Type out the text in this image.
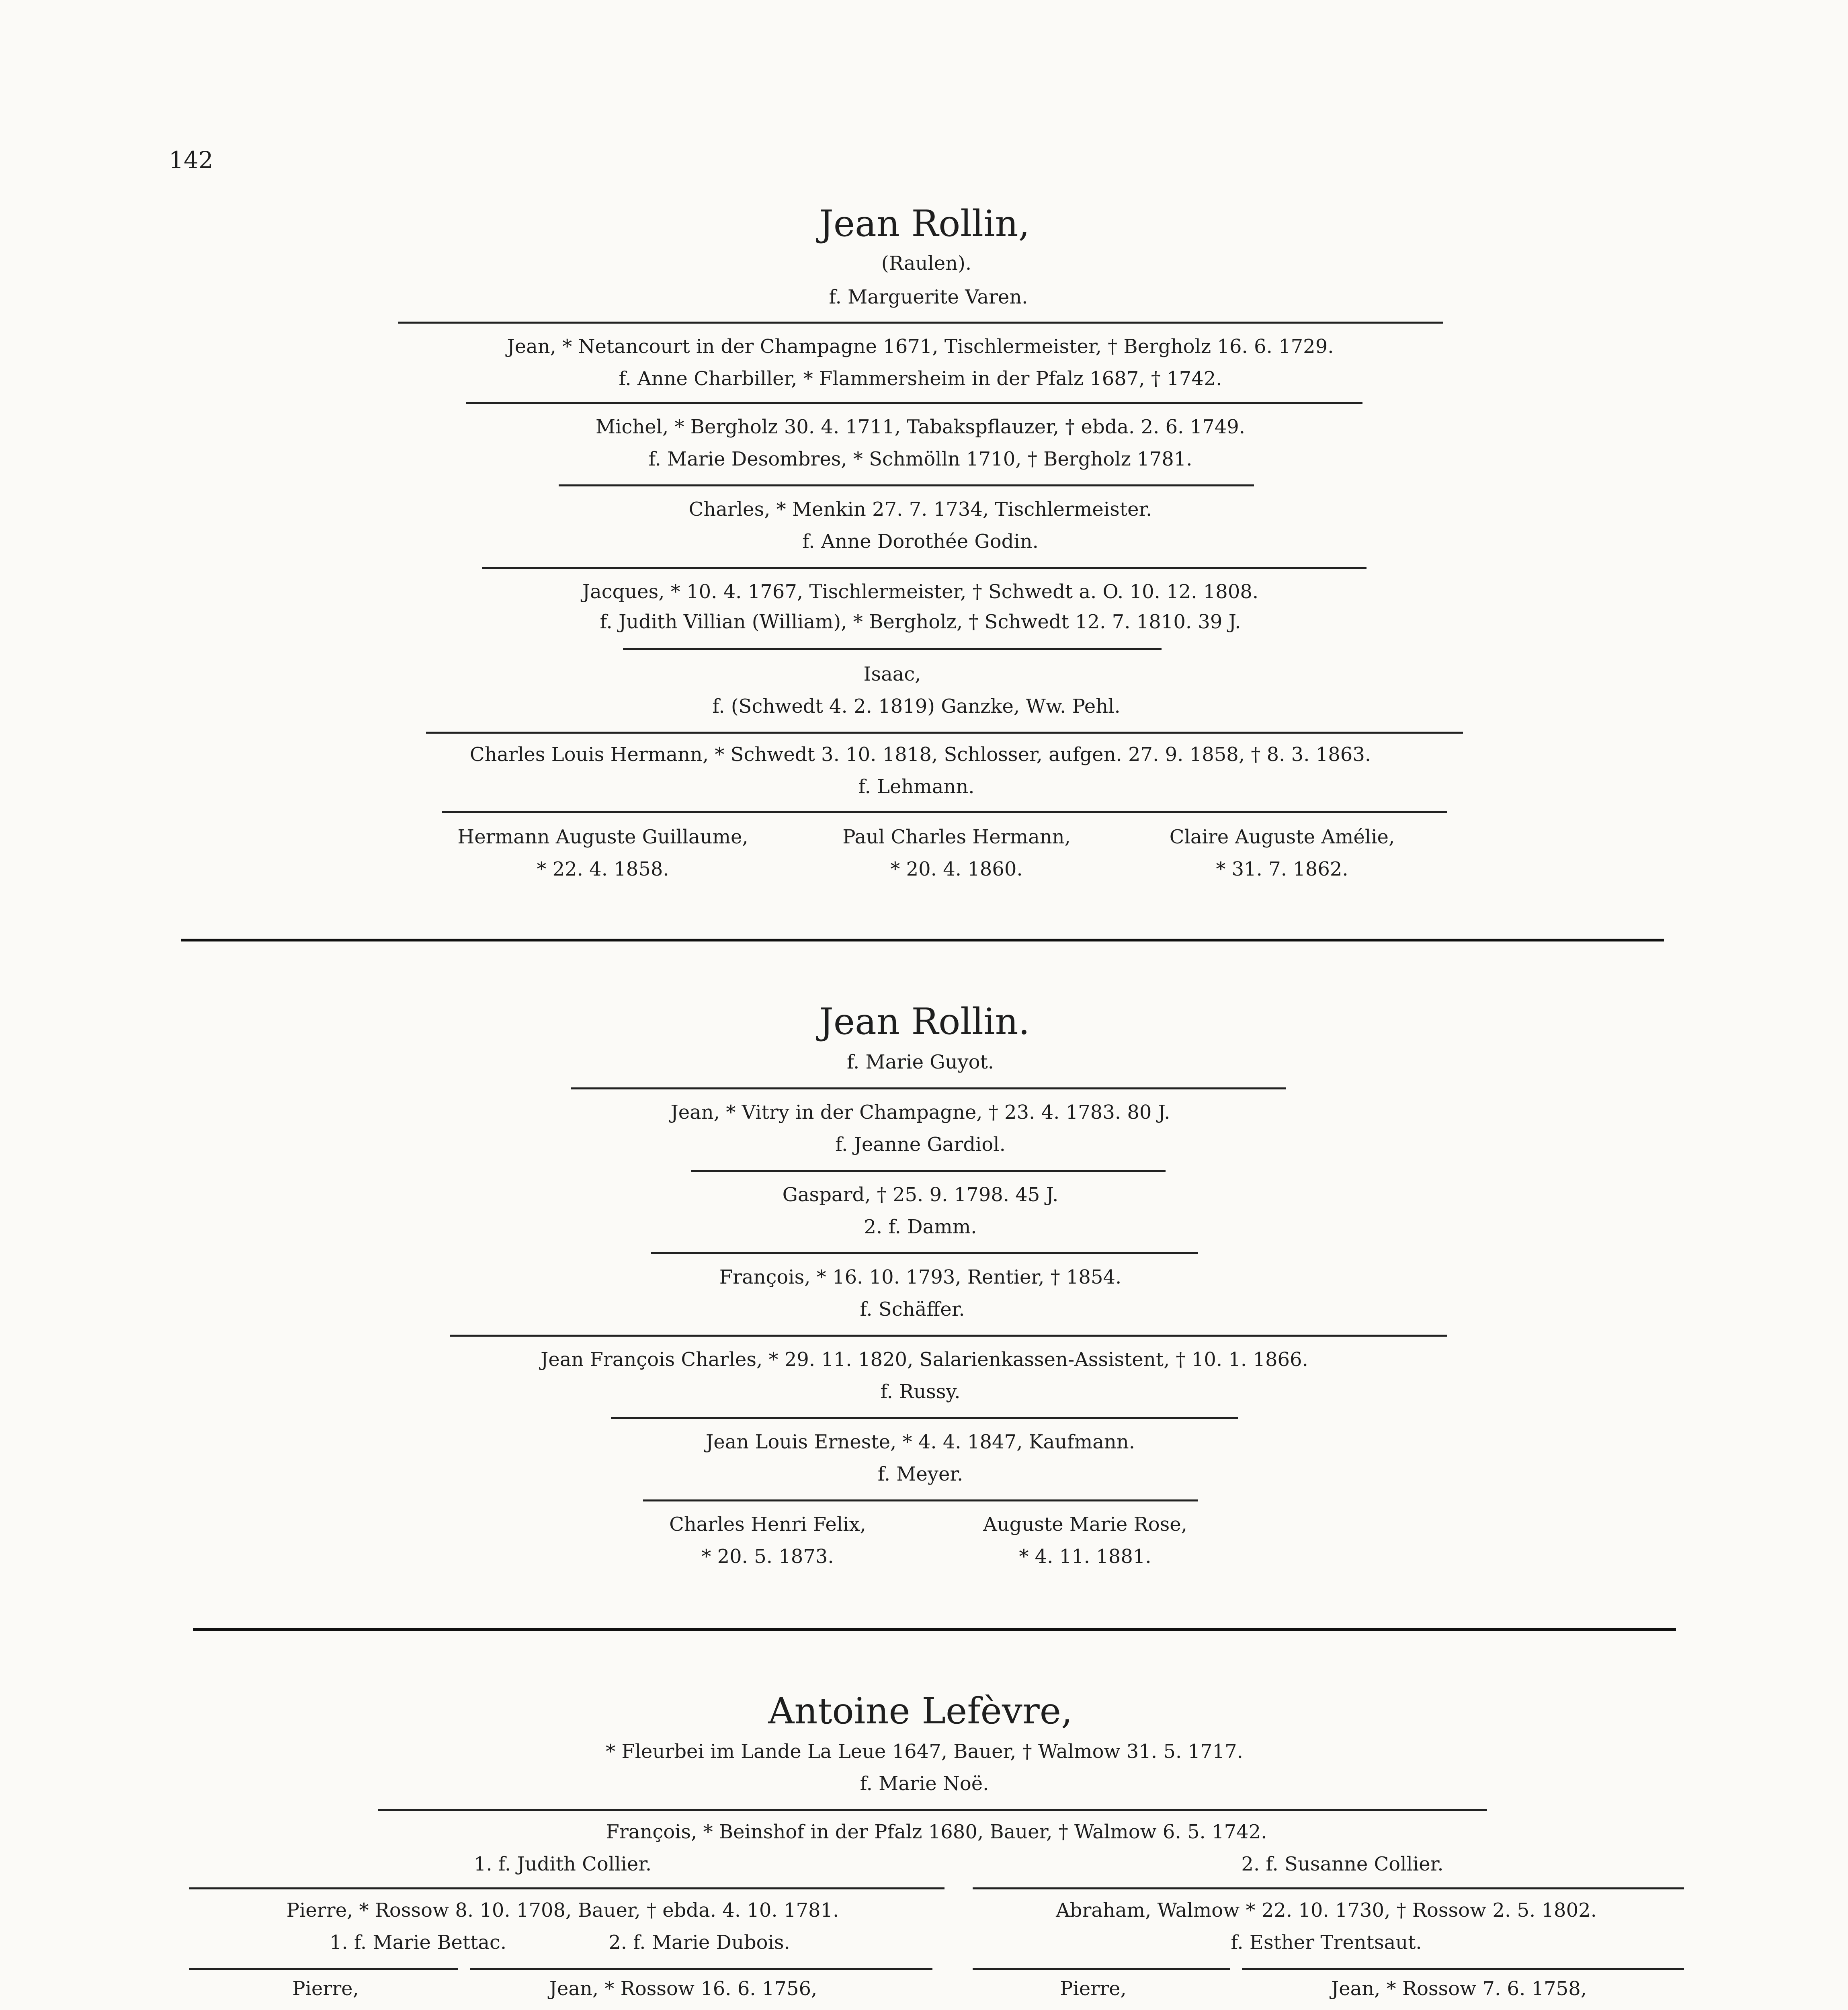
142
Jean Rollin,
(Raulen).
f. Marguerite Varen.
Jean, * Netancourt in der Champagne 1671, Tischlermeister, † Bergholz 16. 6. 1729.
f. Anne Charbiller, * Flammersheim in der Pfalz 1687, † 1742.
Michel, * Bergholz 30. 4. 1711, Tabakspflauzer, † ebda. 2. 6. 1749.
f. Marie Desombres, * Schmölln 1710, † Bergholz 1781.
Charles, * Menkin 27. 7. 1734, Tischlermeister.
f. Anne Dorothée Godin.
Jacques, * 10. 4. 1767, Tischlermeister, † Schwedt a. O. 10. 12. 1808.
f. Judith Villian (William), * Bergholz, † Schwedt 12. 7. 1810. 39 J.
Isaac,
f. (Schwedt 4. 2. 1819) Ganzke, Ww. Pehl.
Charles Louis Hermann, * Schwedt 3. 10. 1818, Schlosser, aufgen. 27. 9. 1858, † 8. 3. 1863.
f. Lehmann.
Hermann Auguste Guillaume,
* 22. 4. 1858.
Paul Charles Hermann,
* 20. 4. 1860.
Claire Auguste Amélie,
* 31. 7. 1862.
Jean Rollin.
f. Marie Guyot.
Jean, * Vitry in der Champagne, † 23. 4. 1783. 80 J.
f. Jeanne Gardiol.
Gaspard, † 25. 9. 1798. 45 J.
2. f. Damm.
François, * 16. 10. 1793, Rentier, † 1854.
f. Schäffer.
Jean François Charles, * 29. 11. 1820, Salarienkassen-Assistent, † 10. 1. 1866.
f. Russy.
Jean Louis Erneste, * 4. 4. 1847, Kaufmann.
f. Meyer.
Charles Henri Felix,
* 20. 5. 1873.
Auguste Marie Rose,
* 4. 11. 1881.
Antoine Lefèvre,
* Fleurbei im Lande La Leue 1647, Bauer, † Walmow 31. 5. 1717.
f. Marie Noë.
François, * Beinshof in der Pfalz 1680, Bauer, † Walmow 6. 5. 1742.
1. f. Judith Collier.	2. f. Susanne Collier.
Pierre, * Rossow 8. 10. 1708, Bauer, † ebda. 4. 10. 1781.
1. f. Marie Bettac.	2. f. Marie Dubois.
Abraham, Walmow * 22. 10. 1730, † Rossow 2. 5. 1802.
f. Esther Trentsaut.
Pierre,	Jean, * Rossow 16. 6. 1756,	Pierre,	Jean, * Rossow 7. 6. 1758,
